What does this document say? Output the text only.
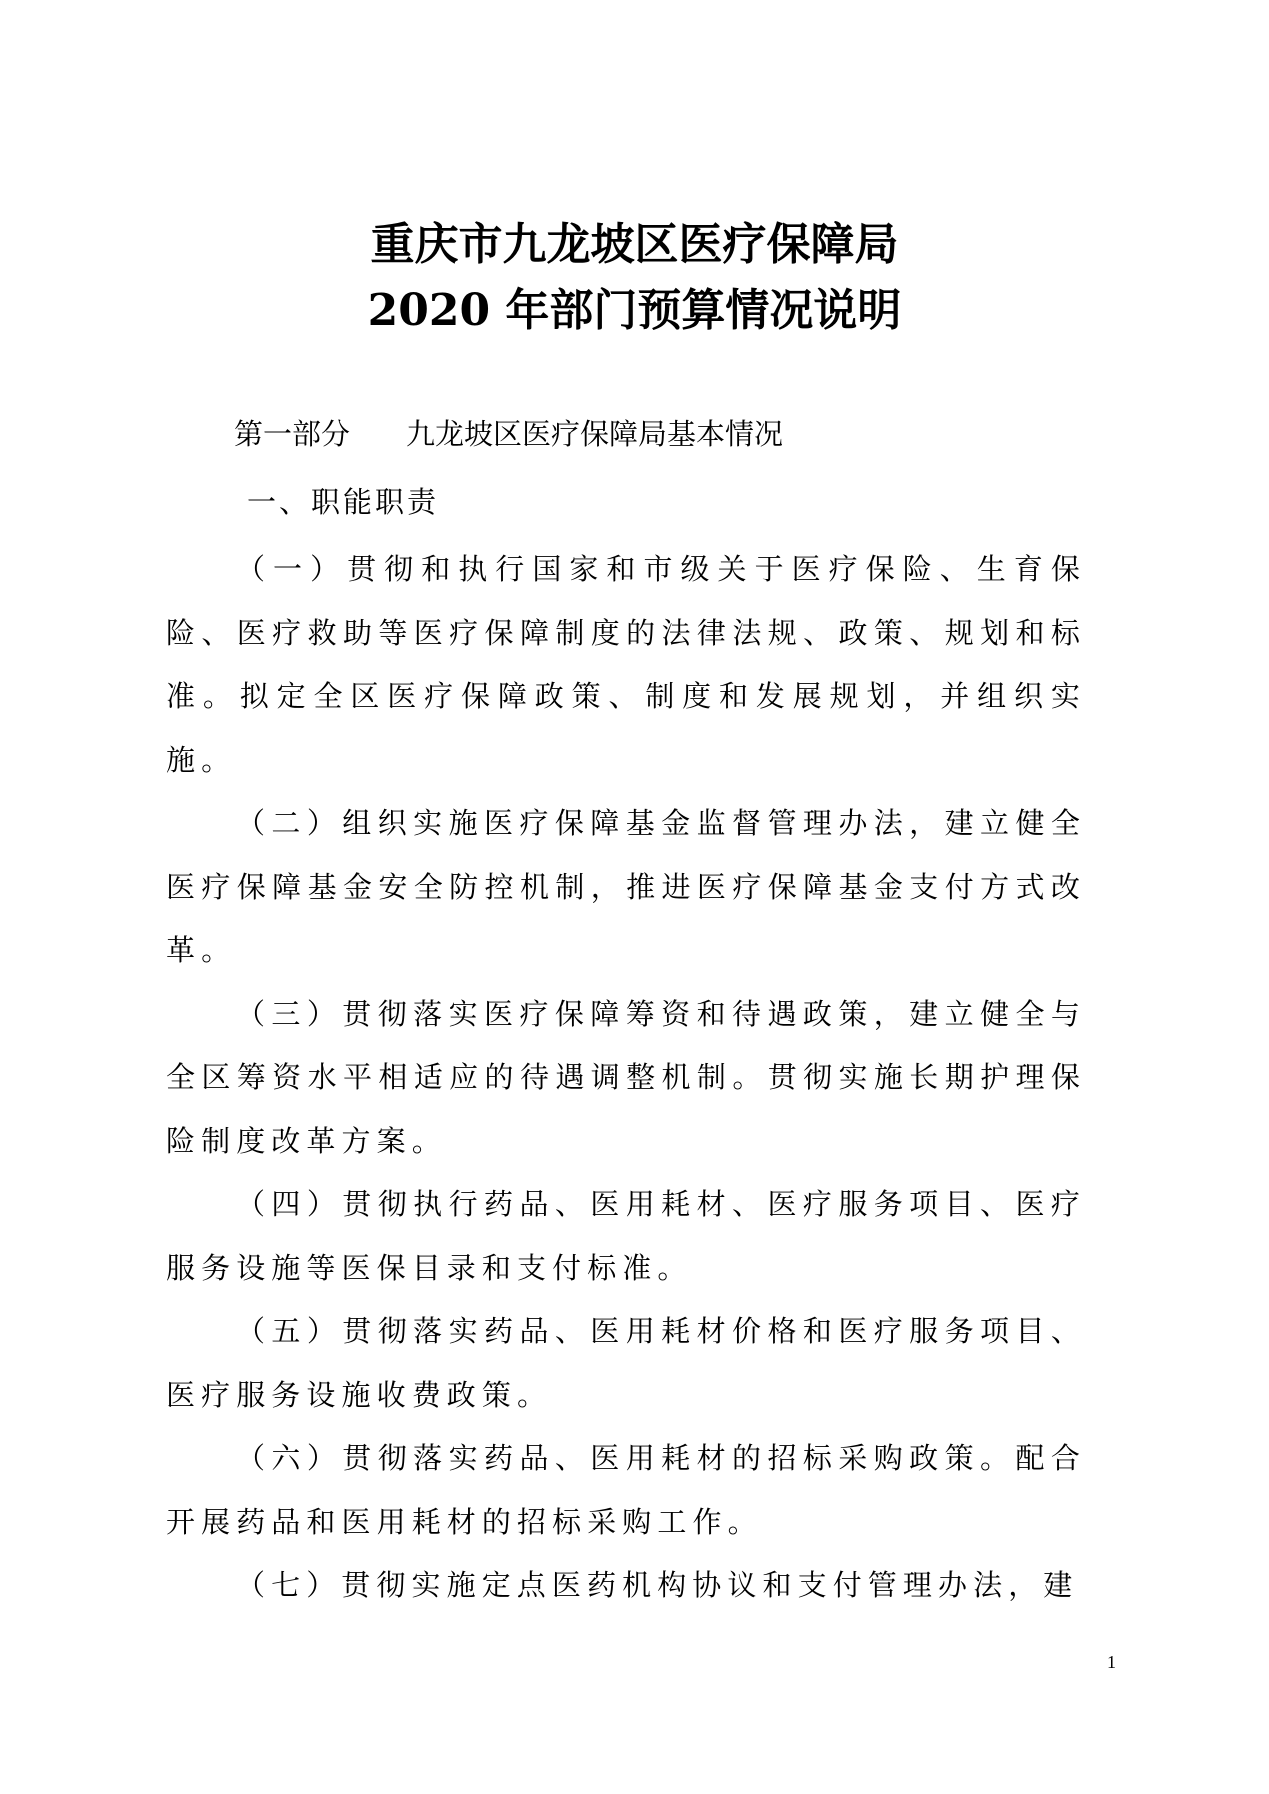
重庆市九龙坡区医疗保障局
2020 年部门预算情况说明
第一部分 九龙坡区医疗保障局基本情况
一、职能职责

（一）贯彻和执行国家和市级关于医疗保险、生育保险、医疗救助等医疗保障制度的法律法规、政策、规划和标准。拟定全区医疗保障政策、制度和发展规划，并组织实施。

（二）组织实施医疗保障基金监督管理办法，建立健全医疗保障基金安全防控机制，推进医疗保障基金支付方式改革。

（三）贯彻落实医疗保障筹资和待遇政策，建立健全与全区筹资水平相适应的待遇调整机制。贯彻实施长期护理保险制度改革方案。

（四）贯彻执行药品、医用耗材、医疗服务项目、医疗服务设施等医保目录和支付标准。

（五）贯彻落实药品、医用耗材价格和医疗服务项目、医疗服务设施收费政策。

（六）贯彻落实药品、医用耗材的招标采购政策。配合开展药品和医用耗材的招标采购工作。

（七）贯彻实施定点医药机构协议和支付管理办法，建

1
